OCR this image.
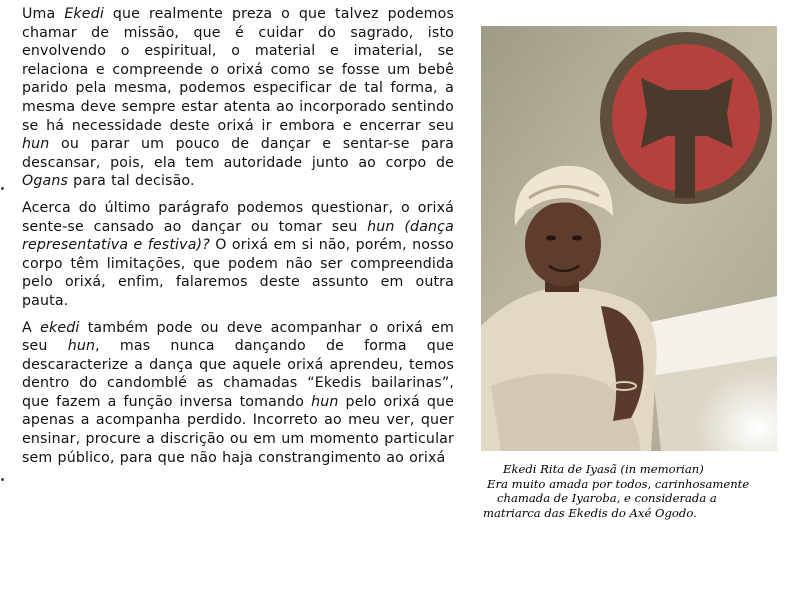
Uma Ekedi que realmente preza o que talvez podemos chamar de missão, que é cuidar do sagrado, isto envolvendo o espiritual, o material e imaterial, se relaciona e compreende o orixá como se fosse um bebê parido pela mesma, podemos especificar de tal forma, a mesma deve sempre estar atenta ao incorporado sentindo se há necessidade deste orixá ir embora e encerrar seu hun ou parar um pouco de dançar e sentar-se para descansar, pois, ela tem autoridade junto ao corpo de Ogans para tal decisão.

Acerca do último parágrafo podemos questionar, o orixá sente-se cansado ao dançar ou tomar seu hun (dança representativa e festiva)? O orixá em si não, porém, nosso corpo têm limitações, que podem não ser compreendida pelo orixá, enfim, falaremos deste assunto em outra pauta.

A ekedi também pode ou deve acompanhar o orixá em seu hun, mas nunca dançando de forma que descaracterize a dança que aquele orixá aprendeu, temos dentro do candomblé as chamadas “Ekedis bailarinas”, que fazem a função inversa tomando hun pelo orixá que apenas a acompanha perdido. Incorreto ao meu ver, quer ensinar, procure a discrição ou em um momento particular sem público, para que não haja constrangimento ao orixá

Ekedi Rita de Iyasã (in memorian)
Era muito amada por todos, carinhosamente
chamada de Iyaroba, e considerada a
matriarca das Ekedis do Axé Ogodo.
